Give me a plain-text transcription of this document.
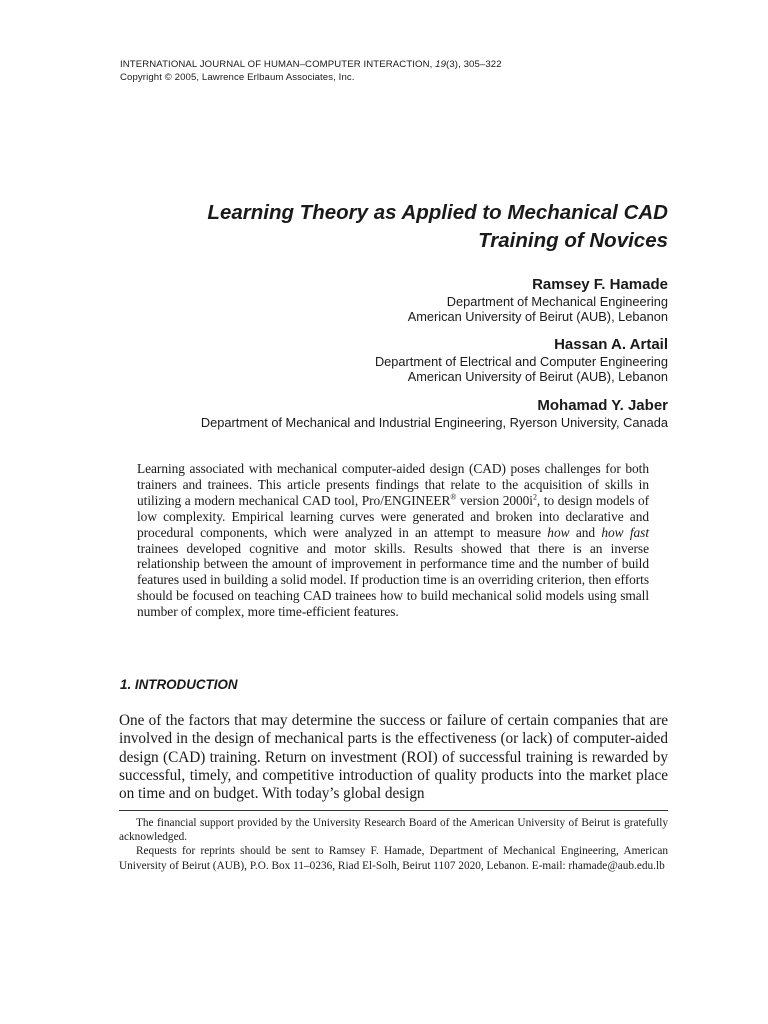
INTERNATIONAL JOURNAL OF HUMAN–COMPUTER INTERACTION, 19(3), 305–322
Copyright © 2005, Lawrence Erlbaum Associates, Inc.
Learning Theory as Applied to Mechanical CAD
Training of Novices
Ramsey F. Hamade
Department of Mechanical Engineering
American University of Beirut (AUB), Lebanon
Hassan A. Artail
Department of Electrical and Computer Engineering
American University of Beirut (AUB), Lebanon
Mohamad Y. Jaber
Department of Mechanical and Industrial Engineering, Ryerson University, Canada

Learning associated with mechanical computer-aided design (CAD) poses challenges for both trainers and trainees. This article presents findings that relate to the acquisition of skills in utilizing a modern mechanical CAD tool, Pro/ENGINEER® version $2000i^2$, to design models of low complexity. Empirical learning curves were generated and broken into declarative and procedural components, which were analyzed in an attempt to measure how and how fast trainees developed cognitive and motor skills. Results showed that there is an inverse relationship between the amount of improvement in performance time and the number of build features used in building a solid model. If production time is an overriding criterion, then efforts should be focused on teaching CAD trainees how to build mechanical solid models using small number of complex, more time-efficient features.

1. INTRODUCTION

One of the factors that may determine the success or failure of certain companies that are involved in the design of mechanical parts is the effectiveness (or lack) of computer-aided design (CAD) training. Return on investment (ROI) of successful training is rewarded by successful, timely, and competitive introduction of quality products into the market place on time and on budget. With today’s global design

The financial support provided by the University Research Board of the American University of Beirut is gratefully acknowledged.

Requests for reprints should be sent to Ramsey F. Hamade, Department of Mechanical Engineering, American University of Beirut (AUB), P.O. Box 11–0236, Riad El-Solh, Beirut 1107 2020, Lebanon. E-mail: rhamade@aub.edu.lb
